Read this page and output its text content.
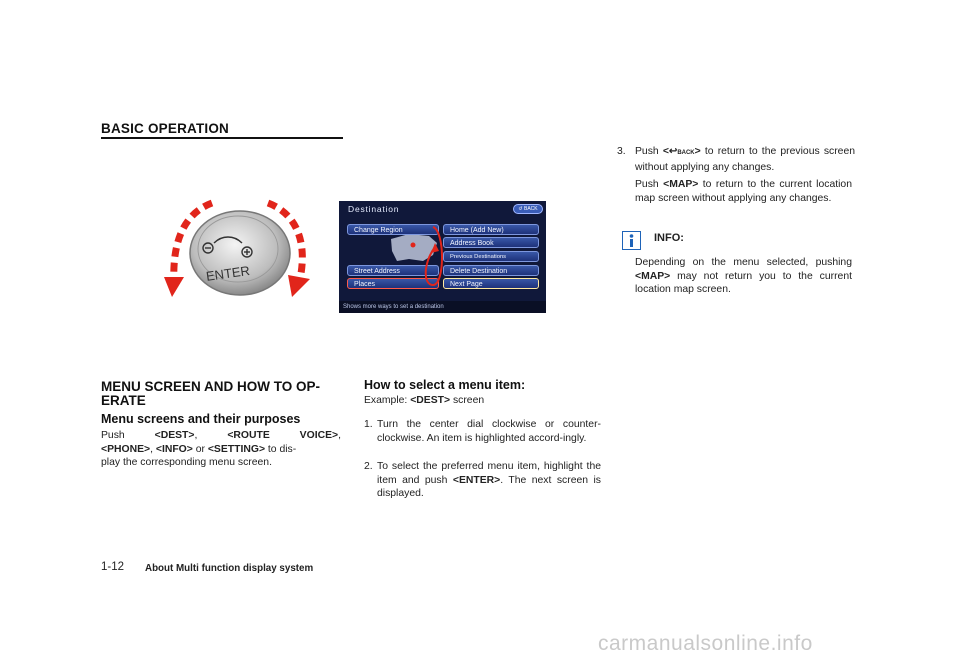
BASIC OPERATION
ENTER
Destination	↺ BACK
Change Region
Street Address
Places
Home (Add New)
Address Book
Previous Destinations
Delete Destination
Next Page
Shows more ways to set a destination
MENU SCREEN AND HOW TO OP-
ERATE
Menu screens and their purposes
Push <DEST>, <ROUTE VOICE>,
<PHONE>, <INFO> or <SETTING> to dis-
play the corresponding menu screen.
How to select a menu item:
Example: <DEST> screen
1. Turn the center dial clockwise or counter-clockwise. An item is highlighted accord-ingly.
2. To select the preferred menu item, highlight the item and push <ENTER>. The next screen is displayed.
3. Push <↩BACK> to return to the previous screen without applying any changes.
Push <MAP> to return to the current location map screen without applying any changes.
INFO:
Depending on the menu selected, pushing <MAP> may not return you to the current location map screen.
1-12 About Multi function display system
carmanualsonline.info
